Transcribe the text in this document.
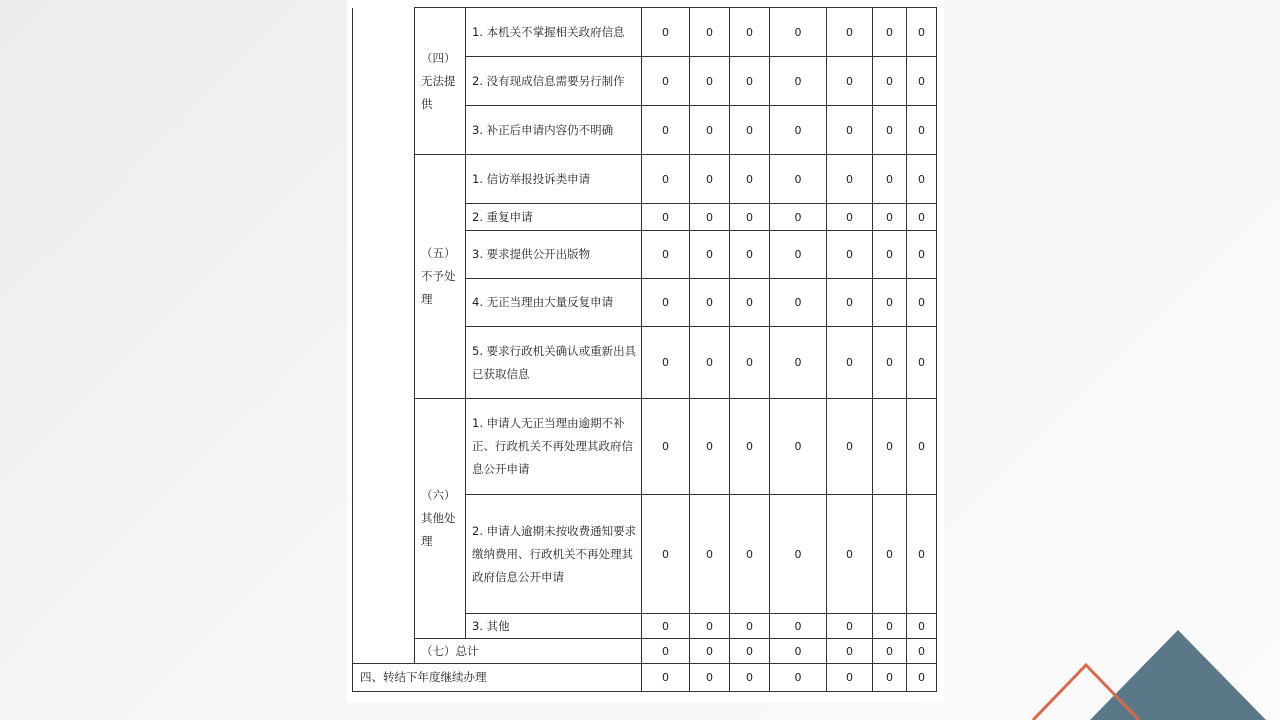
	（四）无法提供	1. 本机关不掌握相关政府信息	0	0	0	0	0	0	0
		2. 没有现成信息需要另行制作	0	0	0	0	0	0	0
		3. 补正后申请内容仍不明确	0	0	0	0	0	0	0
	（五）不予处理	1. 信访举报投诉类申请	0	0	0	0	0	0	0
		2. 重复申请	0	0	0	0	0	0	0
		3. 要求提供公开出版物	0	0	0	0	0	0	0
		4. 无正当理由大量反复申请	0	0	0	0	0	0	0
		5. 要求行政机关确认或重新出具已获取信息	0	0	0	0	0	0	0
	（六）其他处理	1. 申请人无正当理由逾期不补正、行政机关不再处理其政府信息公开申请	0	0	0	0	0	0	0
		2. 申请人逾期未按收费通知要求缴纳费用、行政机关不再处理其政府信息公开申请	0	0	0	0	0	0	0
		3. 其他	0	0	0	0	0	0	0
	（七）总计		0	0	0	0	0	0	0
四、转结下年度继续办理			0	0	0	0	0	0	0
